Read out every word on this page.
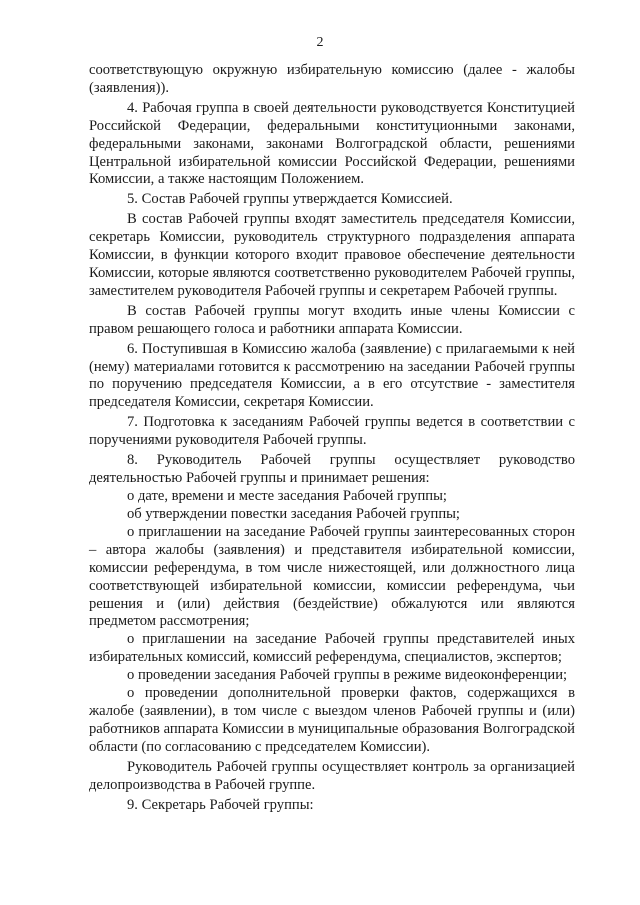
2

соответствующую окружную избирательную комиссию (далее - жалобы (заявления)).

4. Рабочая группа в своей деятельности руководствуется Конституцией Российской Федерации, федеральными конституционными законами, федеральными законами, законами Волгоградской области, решениями Центральной избирательной комиссии Российской Федерации, решениями Комиссии, а также настоящим Положением.

5. Состав Рабочей группы утверждается Комиссией.

В состав Рабочей группы входят заместитель председателя Комиссии, секретарь Комиссии, руководитель структурного подразделения аппарата Комиссии, в функции которого входит правовое обеспечение деятельности Комиссии, которые являются соответственно руководителем Рабочей группы, заместителем руководителя Рабочей группы и секретарем Рабочей группы.

В состав Рабочей группы могут входить иные члены Комиссии с правом решающего голоса и работники аппарата Комиссии.

6. Поступившая в Комиссию жалоба (заявление) с прилагаемыми к ней (нему) материалами готовится к рассмотрению на заседании Рабочей группы по поручению председателя Комиссии, а в его отсутствие - заместителя председателя Комиссии, секретаря Комиссии.

7. Подготовка к заседаниям Рабочей группы ведется в соответствии с поручениями руководителя Рабочей группы.

8. Руководитель Рабочей группы осуществляет руководство деятельностью Рабочей группы и принимает решения:

о дате, времени и месте заседания Рабочей группы;

об утверждении повестки заседания Рабочей группы;

о приглашении на заседание Рабочей группы заинтересованных сторон – автора жалобы (заявления) и представителя избирательной комиссии, комиссии референдума, в том числе нижестоящей, или должностного лица соответствующей избирательной комиссии, комиссии референдума, чьи решения и (или) действия (бездействие) обжалуются или являются предметом рассмотрения;

о приглашении на заседание Рабочей группы представителей иных избирательных комиссий, комиссий референдума, специалистов, экспертов;

о проведении заседания Рабочей группы в режиме видеоконференции;

о проведении дополнительной проверки фактов, содержащихся в жалобе (заявлении), в том числе с выездом членов Рабочей группы и (или) работников аппарата Комиссии в муниципальные образования Волгоградской области (по согласованию с председателем Комиссии).

Руководитель Рабочей группы осуществляет контроль за организацией делопроизводства в Рабочей группе.

9. Секретарь Рабочей группы:
